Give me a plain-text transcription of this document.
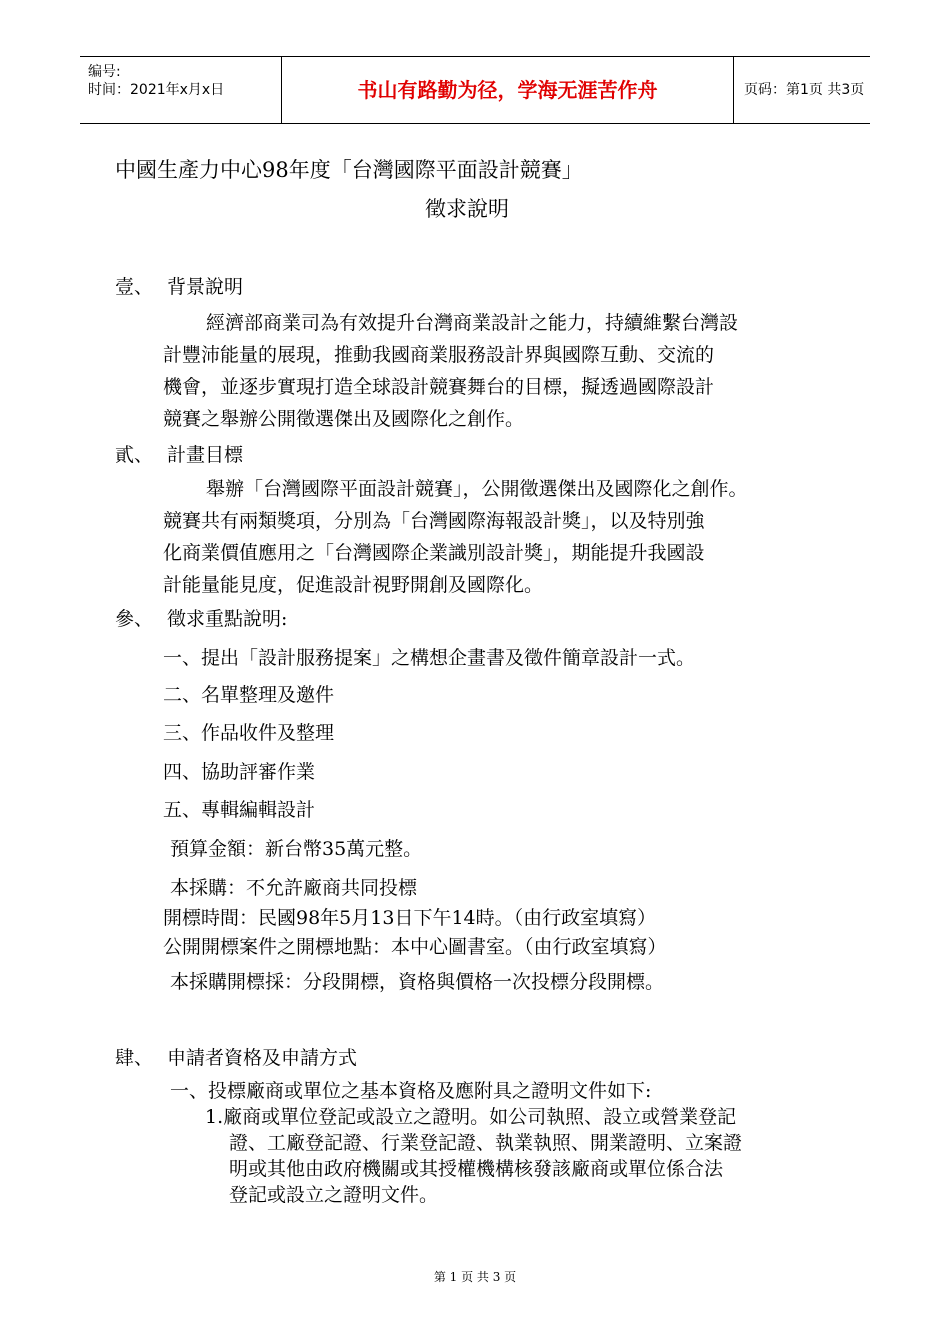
编号:
时间：2021年x月x日	书山有路勤为径，学海无涯苦作舟	页码：第1页 共3页
中國生產力中心98年度「台灣國際平面設計競賽」
徵求說明
壹、 背景說明
經濟部商業司為有效提升台灣商業設計之能力，持續維繫台灣設
計豐沛能量的展現，推動我國商業服務設計界與國際互動、交流的
機會，並逐步實現打造全球設計競賽舞台的目標，擬透過國際設計
競賽之舉辦公開徵選傑出及國際化之創作。
貳、 計畫目標
舉辦「台灣國際平面設計競賽」，公開徵選傑出及國際化之創作。
競賽共有兩類獎項，分別為「台灣國際海報設計獎」，以及特別強
化商業價值應用之「台灣國際企業識別設計獎」，期能提升我國設
計能量能見度，促進設計視野開創及國際化。
參、 徵求重點說明:
一、提出「設計服務提案」之構想企畫書及徵件簡章設計一式。
二、名單整理及邀件
三、作品收件及整理
四、協助評審作業
五、專輯編輯設計
預算金額：新台幣35萬元整。
本採購：不允許廠商共同投標
開標時間：民國98年5月13日下午14時。（由行政室填寫）
公開開標案件之開標地點：本中心圖書室。（由行政室填寫）
本採購開標採：分段開標，資格與價格一次投標分段開標。
肆、 申請者資格及申請方式
一、投標廠商或單位之基本資格及應附具之證明文件如下:
1.廠商或單位登記或設立之證明。如公司執照、設立或營業登記
證、工廠登記證、行業登記證、執業執照、開業證明、立案證
明或其他由政府機關或其授權機構核發該廠商或單位係合法
登記或設立之證明文件。
第 1 页 共 3 页
